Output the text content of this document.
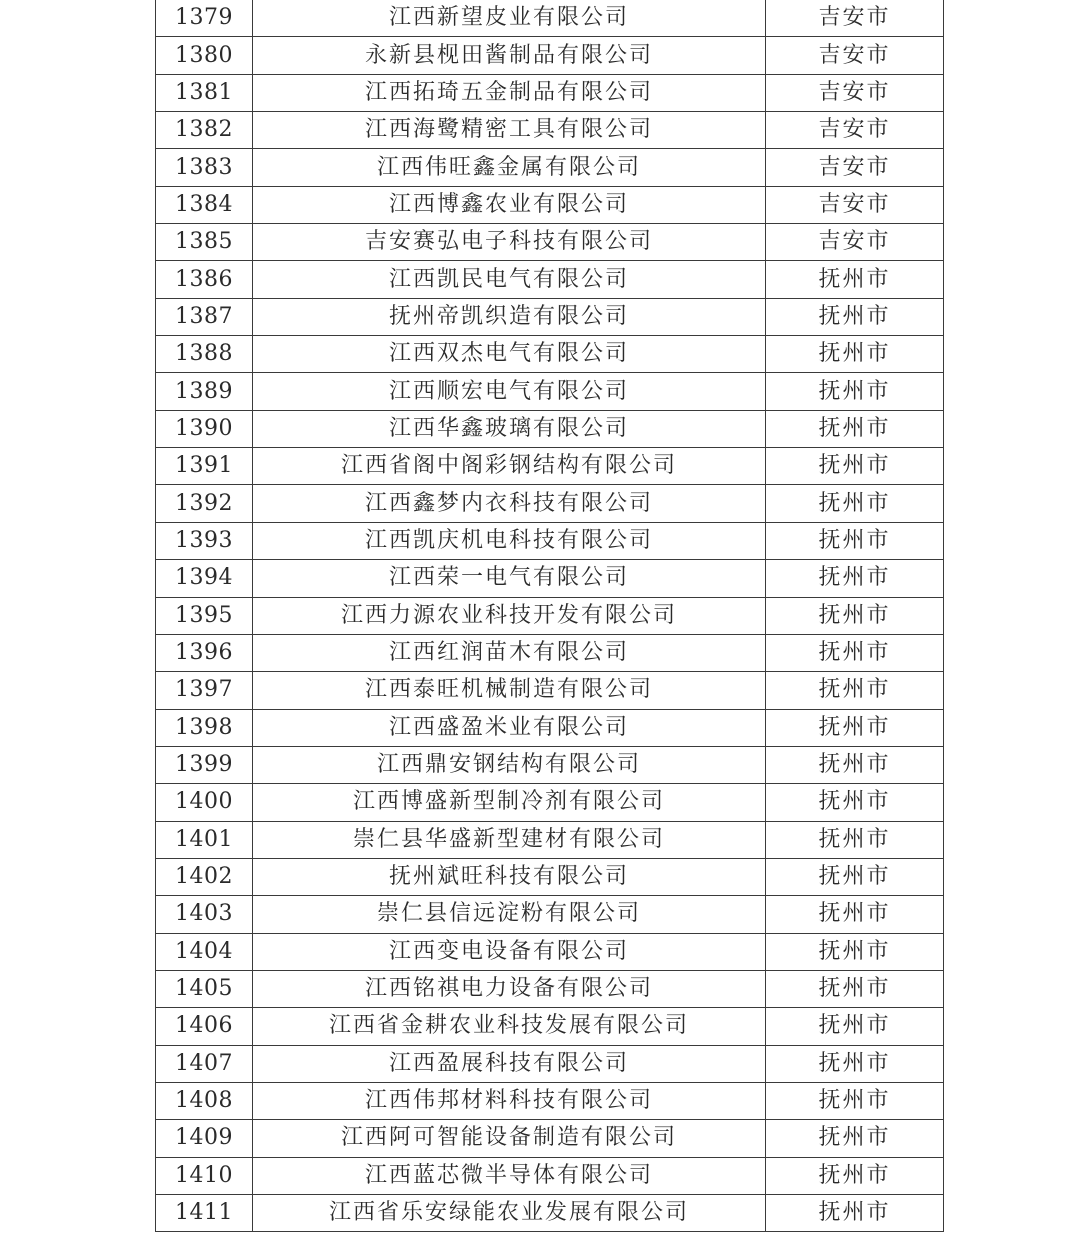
1379	江西新望皮业有限公司	吉安市
1380	永新县枧田酱制品有限公司	吉安市
1381	江西拓琦五金制品有限公司	吉安市
1382	江西海鹭精密工具有限公司	吉安市
1383	江西伟旺鑫金属有限公司	吉安市
1384	江西博鑫农业有限公司	吉安市
1385	吉安赛弘电子科技有限公司	吉安市
1386	江西凯民电气有限公司	抚州市
1387	抚州帝凯织造有限公司	抚州市
1388	江西双杰电气有限公司	抚州市
1389	江西顺宏电气有限公司	抚州市
1390	江西华鑫玻璃有限公司	抚州市
1391	江西省阁中阁彩钢结构有限公司	抚州市
1392	江西鑫梦内衣科技有限公司	抚州市
1393	江西凯庆机电科技有限公司	抚州市
1394	江西荣一电气有限公司	抚州市
1395	江西力源农业科技开发有限公司	抚州市
1396	江西红润苗木有限公司	抚州市
1397	江西泰旺机械制造有限公司	抚州市
1398	江西盛盈米业有限公司	抚州市
1399	江西鼎安钢结构有限公司	抚州市
1400	江西博盛新型制冷剂有限公司	抚州市
1401	崇仁县华盛新型建材有限公司	抚州市
1402	抚州斌旺科技有限公司	抚州市
1403	崇仁县信远淀粉有限公司	抚州市
1404	江西变电设备有限公司	抚州市
1405	江西铭祺电力设备有限公司	抚州市
1406	江西省金耕农业科技发展有限公司	抚州市
1407	江西盈展科技有限公司	抚州市
1408	江西伟邦材料科技有限公司	抚州市
1409	江西阿可智能设备制造有限公司	抚州市
1410	江西蓝芯微半导体有限公司	抚州市
1411	江西省乐安绿能农业发展有限公司	抚州市
